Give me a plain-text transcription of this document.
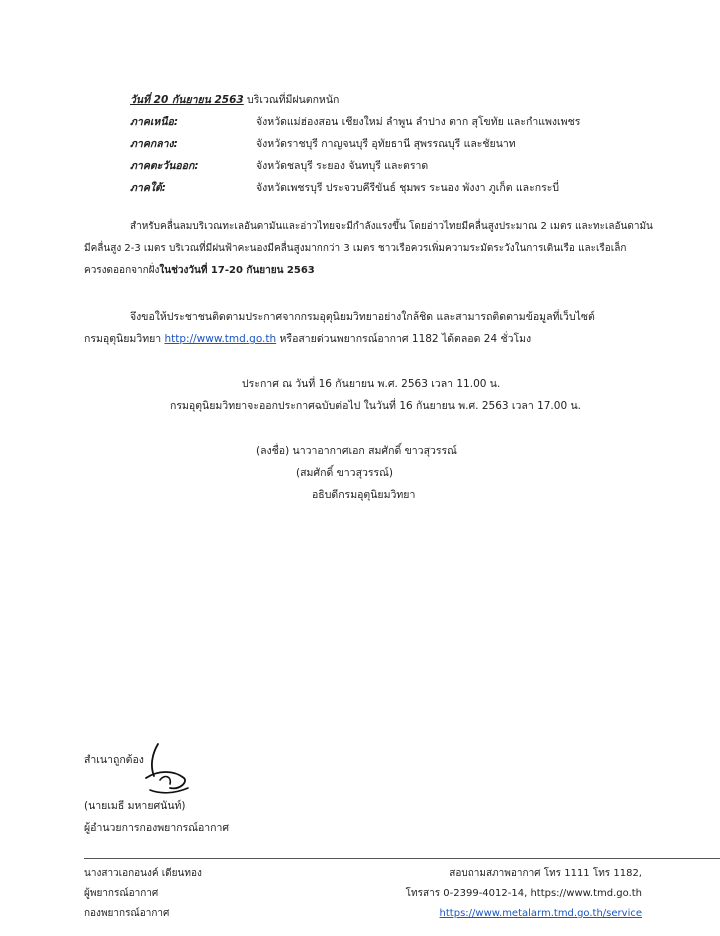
วันที่ 20 กันยายน 2563 บริเวณที่มีฝนตกหนัก
ภาคเหนือ:	จังหวัดแม่ฮ่องสอน เชียงใหม่ ลำพูน ลำปาง ตาก สุโขทัย และกำแพงเพชร
ภาคกลาง:	จังหวัดราชบุรี กาญจนบุรี อุทัยธานี สุพรรณบุรี และชัยนาท
ภาคตะวันออก:	จังหวัดชลบุรี ระยอง จันทบุรี และตราด
ภาคใต้:	จังหวัดเพชรบุรี ประจวบคีรีขันธ์ ชุมพร ระนอง พังงา ภูเก็ต และกระบี่
สำหรับคลื่นลมบริเวณทะเลอันดามันและอ่าวไทยจะมีกำลังแรงขึ้น โดยอ่าวไทยมีคลื่นสูงประมาณ 2 เมตร และทะเลอันดามัน
มีคลื่นสูง 2-3 เมตร บริเวณที่มีฝนฟ้าคะนองมีคลื่นสูงมากกว่า 3 เมตร ชาวเรือควรเพิ่มความระมัดระวังในการเดินเรือ และเรือเล็ก
ควรงดออกจากฝั่งในช่วงวันที่ 17-20 กันยายน 2563
จึงขอให้ประชาชนติดตามประกาศจากกรมอุตุนิยมวิทยาอย่างใกล้ชิด และสามารถติดตามข้อมูลที่เว็บไซต์
กรมอุตุนิยมวิทยา http://www.tmd.go.th หรือสายด่วนพยากรณ์อากาศ 1182 ได้ตลอด 24 ชั่วโมง
ประกาศ ณ วันที่ 16 กันยายน พ.ศ. 2563 เวลา 11.00 น.
กรมอุตุนิยมวิทยาจะออกประกาศฉบับต่อไป ในวันที่ 16 กันยายน พ.ศ. 2563 เวลา 17.00 น.
(ลงชื่อ) นาวาอากาศเอก สมศักดิ์ ขาวสุวรรณ์
(สมศักดิ์ ขาวสุวรรณ์)
อธิบดีกรมอุตุนิยมวิทยา
สำเนาถูกต้อง
(นายเมธี มหายศนันท์)
ผู้อำนวยการกองพยากรณ์อากาศ
นางสาวเอกอนงค์ เดียนทอง
ผู้พยากรณ์อากาศ
กองพยากรณ์อากาศ
สอบถามสภาพอากาศ โทร 1111 โทร 1182,
โทรสาร 0-2399-4012-14, https://www.tmd.go.th
https://www.metalarm.tmd.go.th/service
